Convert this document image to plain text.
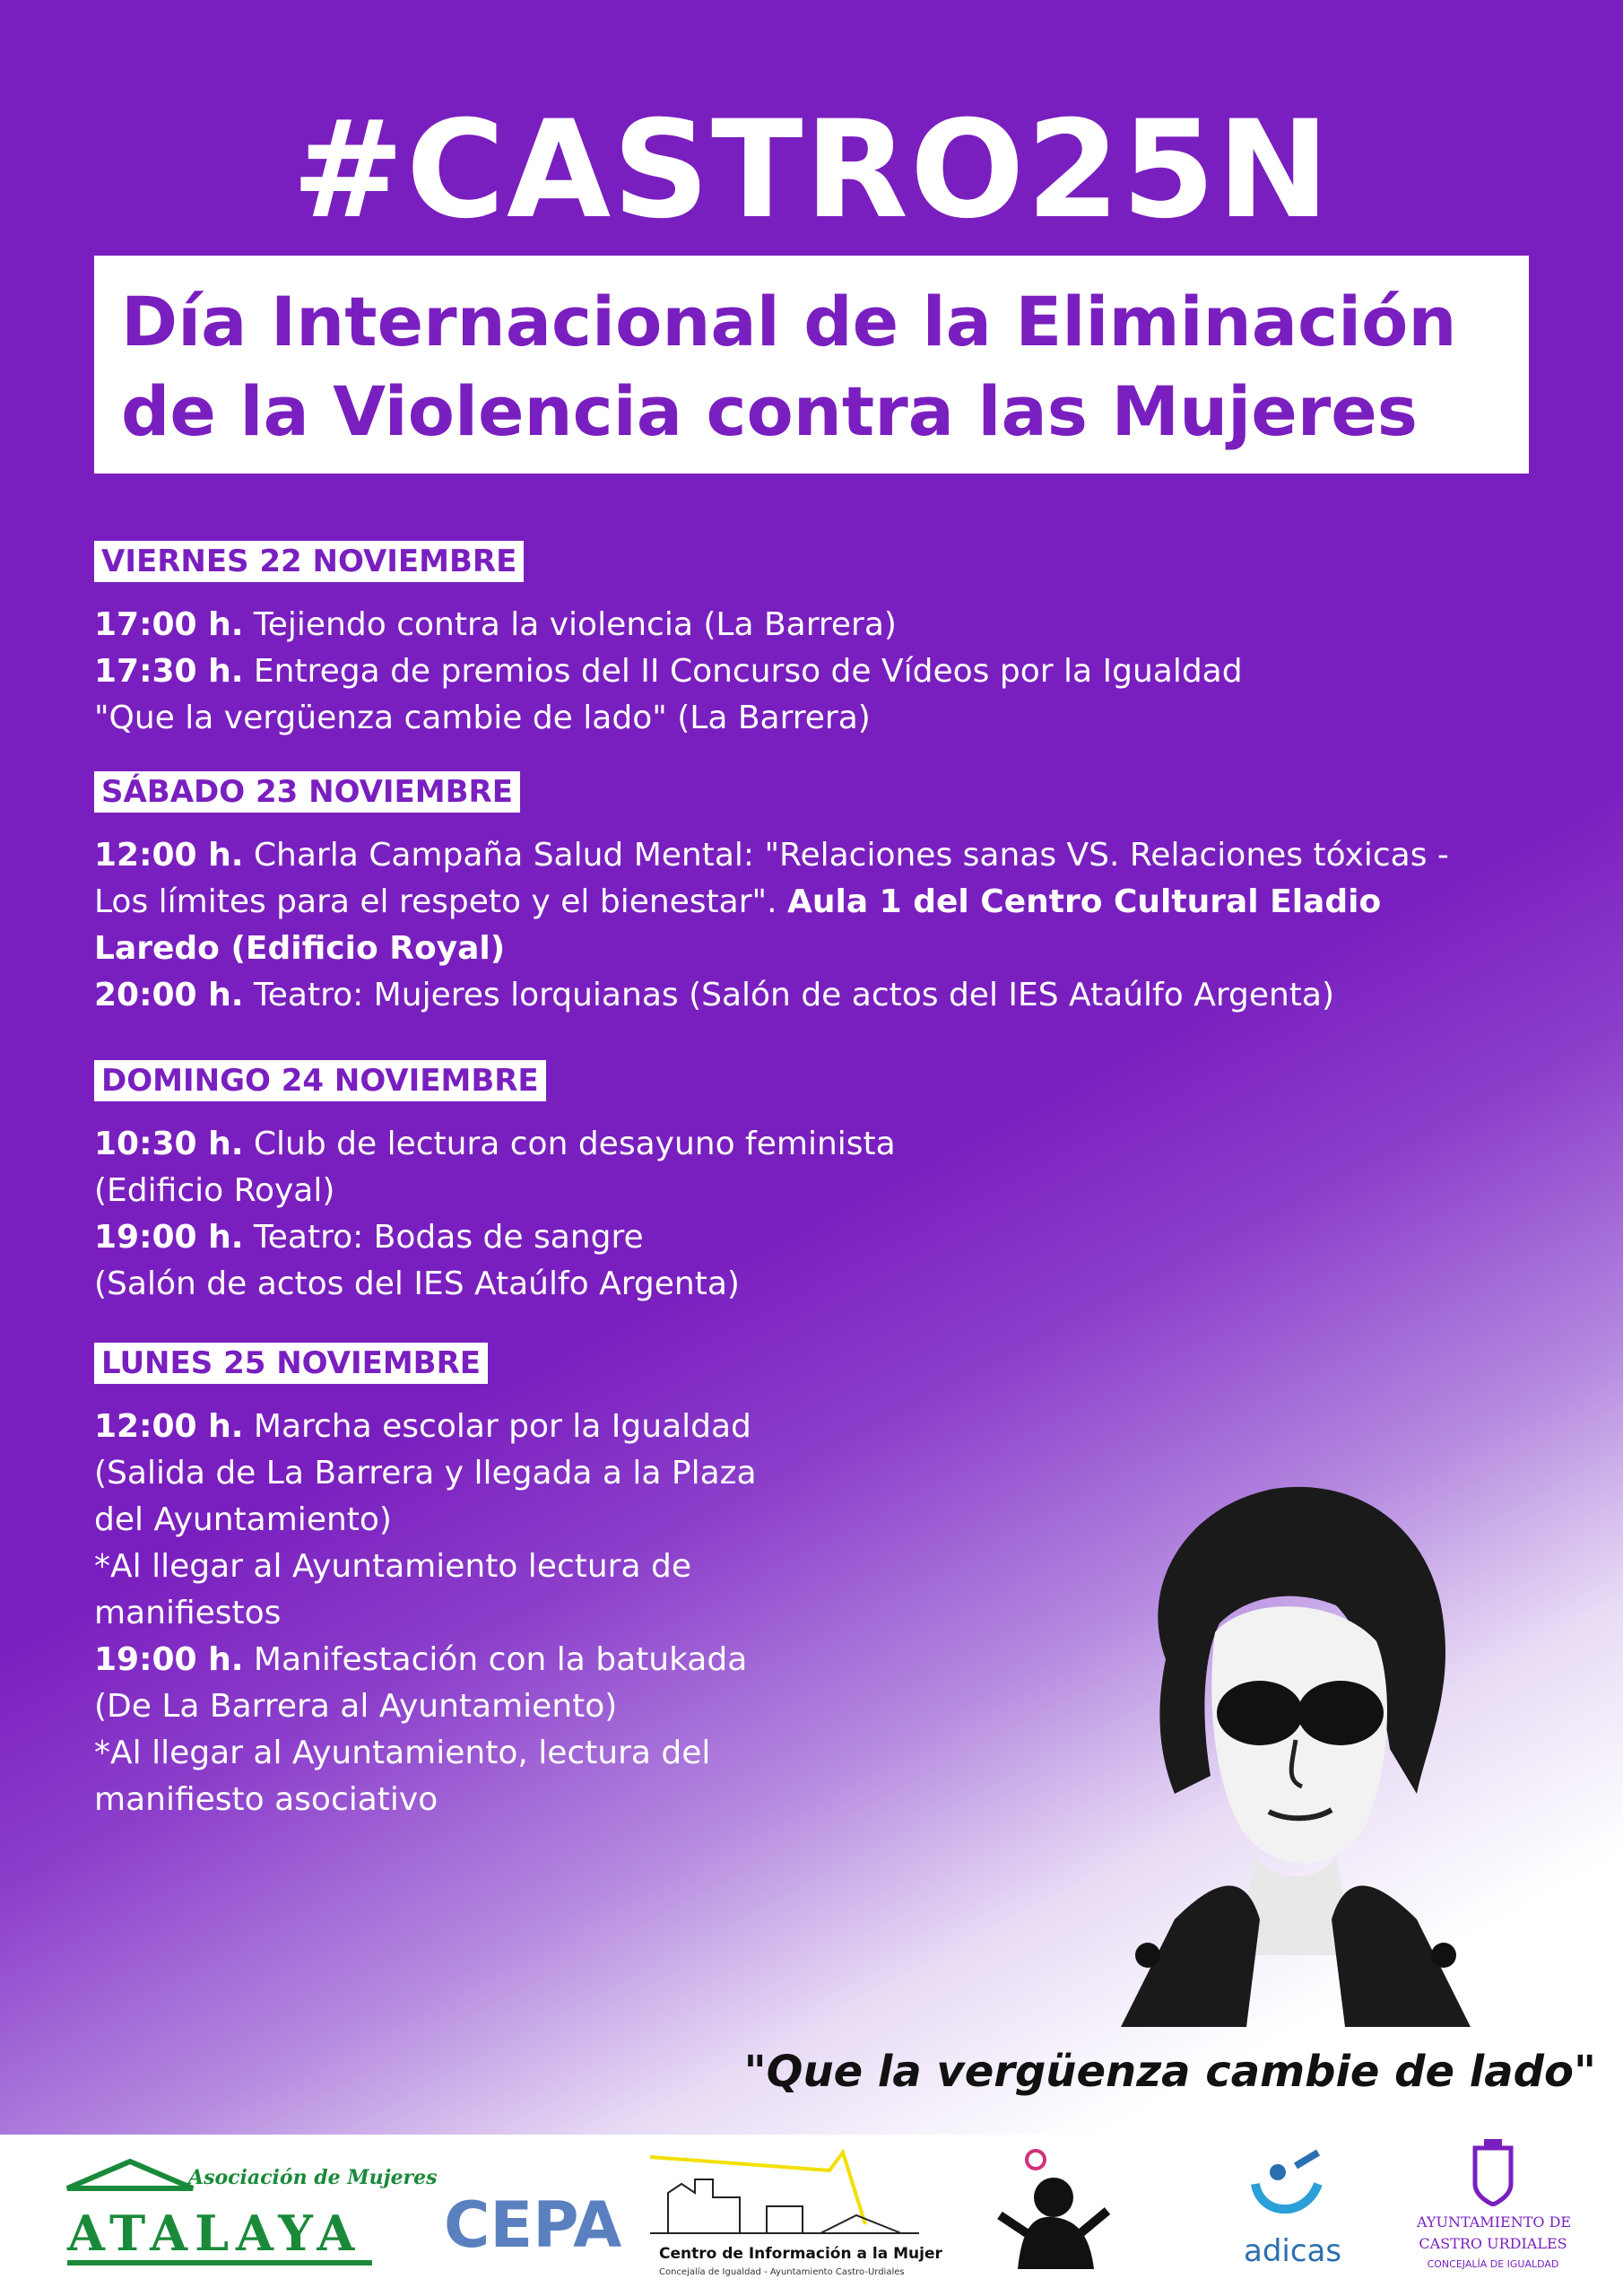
#CASTRO25N
Día Internacional de la Eliminación
de la Violencia contra las Mujeres
VIERNES 22 NOVIEMBRE
17:00 h. Tejiendo contra la violencia (La Barrera)
17:30 h. Entrega de premios del II Concurso de Vídeos por la Igualdad
"Que la vergüenza cambie de lado" (La Barrera)
SÁBADO 23 NOVIEMBRE
12:00 h. Charla Campaña Salud Mental: "Relaciones sanas VS. Relaciones tóxicas -
Los límites para el respeto y el bienestar". Aula 1 del Centro Cultural Eladio
Laredo (Edificio Royal)
20:00 h. Teatro: Mujeres lorquianas (Salón de actos del IES Ataúlfo Argenta)
DOMINGO 24 NOVIEMBRE
10:30 h. Club de lectura con desayuno feminista
(Edificio Royal)
19:00 h. Teatro: Bodas de sangre
(Salón de actos del IES Ataúlfo Argenta)
LUNES 25 NOVIEMBRE
12:00 h. Marcha escolar por la Igualdad
(Salida de La Barrera y llegada a la Plaza
del Ayuntamiento)
*Al llegar al Ayuntamiento lectura de
manifiestos
19:00 h. Manifestación con la batukada
(De La Barrera al Ayuntamiento)
*Al llegar al Ayuntamiento, lectura del
manifiesto asociativo
"Que la vergüenza cambie de lado"
Asociación de Mujeres
ATALAYA CEPA Centro de Información a la Mujer
Concejalía de Igualdad - Ayuntamiento Castro-Urdiales
adicas
AYUNTAMIENTO DE
CASTRO URDIALES
CONCEJALÍA DE IGUALDAD
